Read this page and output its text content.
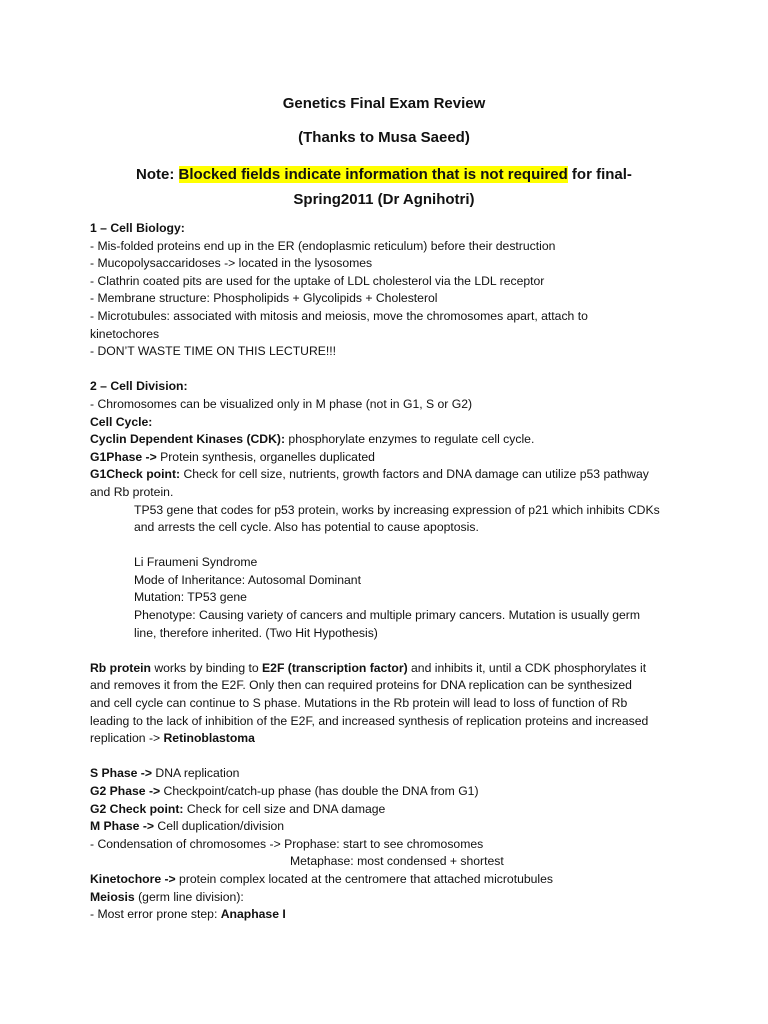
Genetics Final Exam Review

(Thanks to Musa Saeed)

Note: Blocked fields indicate information that is not required for final-Spring2011 (Dr Agnihotri)

1 – Cell Biology:

- Mis-folded proteins end up in the ER (endoplasmic reticulum) before their destruction

- Mucopolysaccaridoses -> located in the lysosomes

- Clathrin coated pits are used for the uptake of LDL cholesterol via the LDL receptor

- Membrane structure: Phospholipids + Glycolipids + Cholesterol

- Microtubules: associated with mitosis and meiosis, move the chromosomes apart, attach to

kinetochores

- DON’T WASTE TIME ON THIS LECTURE!!!

2 – Cell Division:

- Chromosomes can be visualized only in M phase (not in G1, S or G2)

Cell Cycle:

Cyclin Dependent Kinases (CDK): phosphorylate enzymes to regulate cell cycle.

G1Phase -> Protein synthesis, organelles duplicated

G1Check point: Check for cell size, nutrients, growth factors and DNA damage can utilize p53 pathway

and Rb protein.

TP53 gene that codes for p53 protein, works by increasing expression of p21 which inhibits CDKs

and arrests the cell cycle. Also has potential to cause apoptosis.

Li Fraumeni Syndrome

Mode of Inheritance: Autosomal Dominant

Mutation: TP53 gene

Phenotype: Causing variety of cancers and multiple primary cancers. Mutation is usually germ

line, therefore inherited. (Two Hit Hypothesis)

Rb protein works by binding to E2F (transcription factor) and inhibits it, until a CDK phosphorylates it

and removes it from the E2F. Only then can required proteins for DNA replication can be synthesized

and cell cycle can continue to S phase. Mutations in the Rb protein will lead to loss of function of Rb

leading to the lack of inhibition of the E2F, and increased synthesis of replication proteins and increased

replication -> Retinoblastoma

S Phase -> DNA replication

G2 Phase -> Checkpoint/catch-up phase (has double the DNA from G1)

G2 Check point: Check for cell size and DNA damage

M Phase -> Cell duplication/division

- Condensation of chromosomes -> Prophase: start to see chromosomes

Metaphase: most condensed + shortest

Kinetochore -> protein complex located at the centromere that attached microtubules

Meiosis (germ line division):

- Most error prone step: Anaphase I
